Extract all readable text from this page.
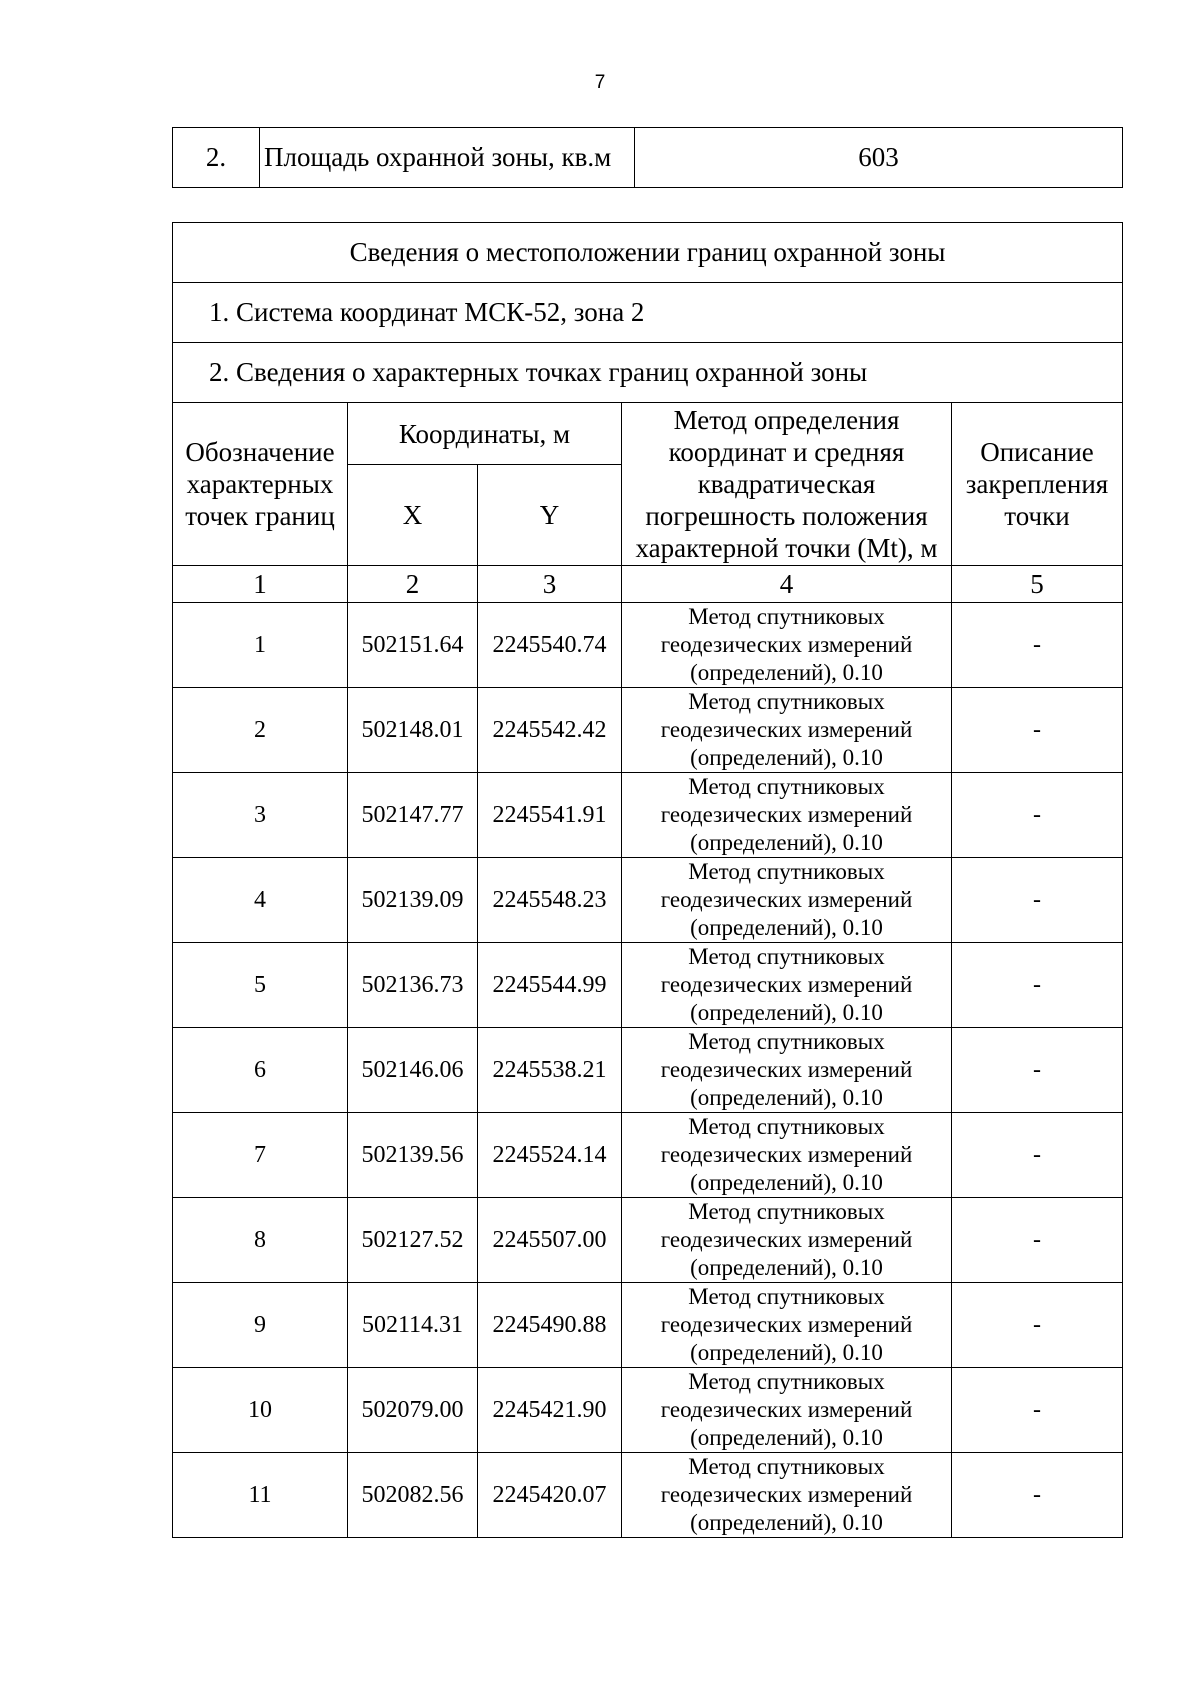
7
2.	Площадь охранной зоны, кв.м	603
Сведения о местоположении границ охранной зоны				
1. Система координат МСК-52, зона 2				
2. Сведения о характерных точках границ охранной зоны				
Обозначение характерных точек границ	Координаты, м		Метод определения координат и средняя квадратическая погрешность положения характерной точки (Mt), м	Описание закрепления точки
	X	Y		
1	2	3	4	5
1	502151.64	2245540.74	Метод спутниковых геодезических измерений (определений), 0.10	-
2	502148.01	2245542.42	Метод спутниковых геодезических измерений (определений), 0.10	-
3	502147.77	2245541.91	Метод спутниковых геодезических измерений (определений), 0.10	-
4	502139.09	2245548.23	Метод спутниковых геодезических измерений (определений), 0.10	-
5	502136.73	2245544.99	Метод спутниковых геодезических измерений (определений), 0.10	-
6	502146.06	2245538.21	Метод спутниковых геодезических измерений (определений), 0.10	-
7	502139.56	2245524.14	Метод спутниковых геодезических измерений (определений), 0.10	-
8	502127.52	2245507.00	Метод спутниковых геодезических измерений (определений), 0.10	-
9	502114.31	2245490.88	Метод спутниковых геодезических измерений (определений), 0.10	-
10	502079.00	2245421.90	Метод спутниковых геодезических измерений (определений), 0.10	-
11	502082.56	2245420.07	Метод спутниковых геодезических измерений (определений), 0.10	-
